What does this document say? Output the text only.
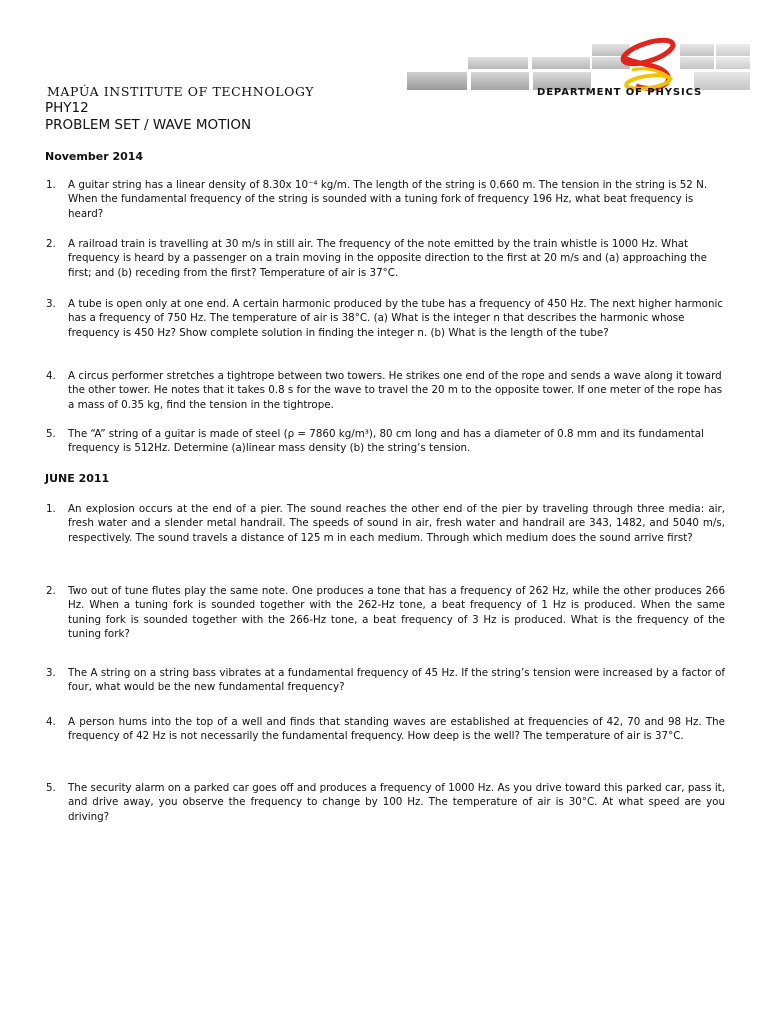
MAPÚA INSTITUTE OF TECHNOLOGY	DEPARTMENT OF PHYSICS
PHY12
PROBLEM SET / WAVE MOTION
November 2014
1.	A guitar string has a linear density of 8.30x 10⁻⁴ kg/m. The length of the string is 0.660 m. The tension in the string is 52 N. When the fundamental frequency of the string is sounded with a tuning fork of frequency 196 Hz, what beat frequency is heard?
2.	A railroad train is travelling at 30 m/s in still air. The frequency of the note emitted by the train whistle is 1000 Hz. What frequency is heard by a passenger on a train moving in the opposite direction to the first at 20 m/s and (a) approaching the first; and (b) receding from the first? Temperature of air is 37°C.
3.	A tube is open only at one end. A certain harmonic produced by the tube has a frequency of 450 Hz. The next higher harmonic has a frequency of 750 Hz. The temperature of air is 38°C. (a) What is the integer n that describes the harmonic whose frequency is 450 Hz? Show complete solution in finding the integer n. (b) What is the length of the tube?
4.	A circus performer stretches a tightrope between two towers. He strikes one end of the rope and sends a wave along it toward the other tower. He notes that it takes 0.8 s for the wave to travel the 20 m to the opposite tower. If one meter of the rope has a mass of 0.35 kg, find the tension in the tightrope.
5.	The “A” string of a guitar is made of steel (ρ = 7860 kg/m³), 80 cm long and has a diameter of 0.8 mm and its fundamental frequency is 512Hz. Determine (a)linear mass density (b) the string’s tension.
JUNE 2011
1.	An explosion occurs at the end of a pier. The sound reaches the other end of the pier by traveling through three media: air, fresh water and a slender metal handrail. The speeds of sound in air, fresh water and handrail are 343, 1482, and 5040 m/s, respectively. The sound travels a distance of 125 m in each medium. Through which medium does the sound arrive first?
2.	Two out of tune flutes play the same note. One produces a tone that has a frequency of 262 Hz, while the other produces 266 Hz. When a tuning fork is sounded together with the 262-Hz tone, a beat frequency of 1 Hz is produced. When the same tuning fork is sounded together with the 266-Hz tone, a beat frequency of 3 Hz is produced. What is the frequency of the tuning fork?
3.	The A string on a string bass vibrates at a fundamental frequency of 45 Hz. If the string’s tension were increased by a factor of four, what would be the new fundamental frequency?
4.	A person hums into the top of a well and finds that standing waves are established at frequencies of 42, 70 and 98 Hz. The frequency of 42 Hz is not necessarily the fundamental frequency. How deep is the well? The temperature of air is 37°C.
5.	The security alarm on a parked car goes off and produces a frequency of 1000 Hz. As you drive toward this parked car, pass it, and drive away, you observe the frequency to change by 100 Hz. The temperature of air is 30°C. At what speed are you driving?
